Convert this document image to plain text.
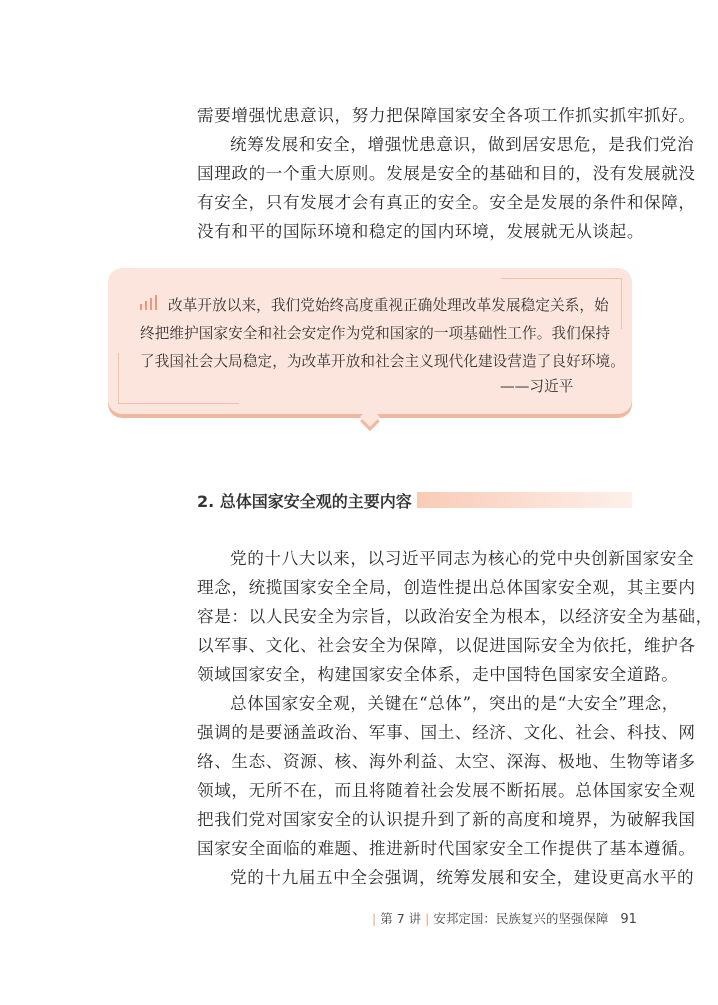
需要增强忧患意识，努力把保障国家安全各项工作抓实抓牢抓好。
统筹发展和安全，增强忧患意识，做到居安思危，是我们党治
国理政的一个重大原则。发展是安全的基础和目的，没有发展就没
有安全，只有发展才会有真正的安全。安全是发展的条件和保障，
没有和平的国际环境和稳定的国内环境，发展就无从谈起。
改革开放以来，我们党始终高度重视正确处理改革发展稳定关系，始
终把维护国家安全和社会安定作为党和国家的一项基础性工作。我们保持
了我国社会大局稳定，为改革开放和社会主义现代化建设营造了良好环境。
——习近平
2. 总体国家安全观的主要内容
党的十八大以来，以习近平同志为核心的党中央创新国家安全
理念，统揽国家安全全局，创造性提出总体国家安全观，其主要内
容是：以人民安全为宗旨，以政治安全为根本，以经济安全为基础，
以军事、文化、社会安全为保障，以促进国际安全为依托，维护各
领域国家安全，构建国家安全体系，走中国特色国家安全道路。
总体国家安全观，关键在“总体”，突出的是“大安全”理念，
强调的是要涵盖政治、军事、国土、经济、文化、社会、科技、网
络、生态、资源、核、海外利益、太空、深海、极地、生物等诸多
领域，无所不在，而且将随着社会发展不断拓展。总体国家安全观
把我们党对国家安全的认识提升到了新的高度和境界，为破解我国
国家安全面临的难题、推进新时代国家安全工作提供了基本遵循。
党的十九届五中全会强调，统筹发展和安全，建设更高水平的
| 第 7 讲 | 安邦定国：民族复兴的坚强保障 91
